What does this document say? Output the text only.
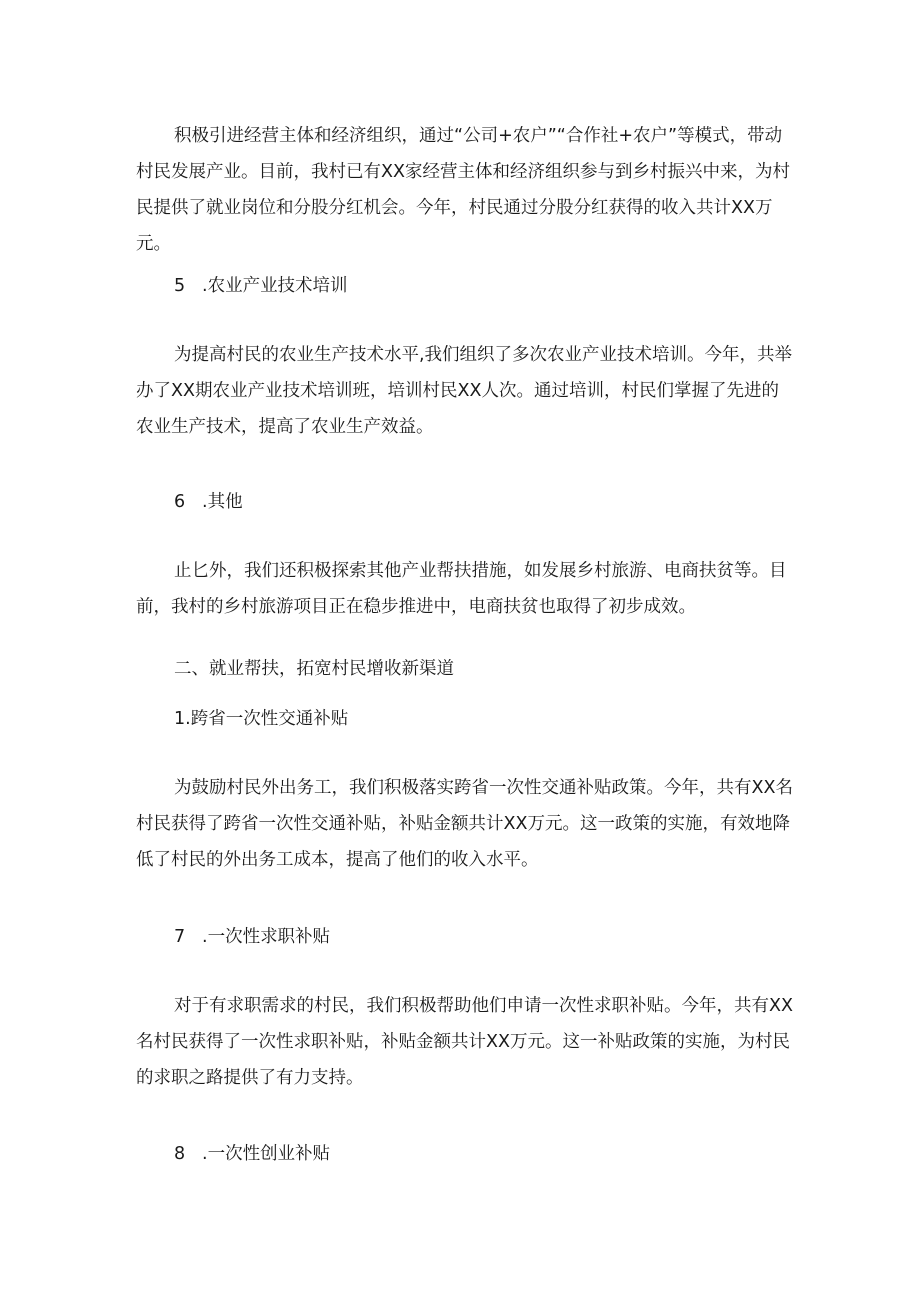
积极引进经营主体和经济组织，通过“公司+农户”“合作社+农户”等模式，带动村民发展产业。目前，我村已有XX家经营主体和经济组织参与到乡村振兴中来，为村民提供了就业岗位和分股分红机会。今年，村民通过分股分红获得的收入共计XX万元。

5 .农业产业技术培训

为提高村民的农业生产技术水平,我们组织了多次农业产业技术培训。今年，共举办了XX期农业产业技术培训班，培训村民XX人次。通过培训，村民们掌握了先进的农业生产技术，提高了农业生产效益。

6 .其他

止匕外，我们还积极探索其他产业帮扶措施，如发展乡村旅游、电商扶贫等。目前，我村的乡村旅游项目正在稳步推进中，电商扶贫也取得了初步成效。

二、就业帮扶，拓宽村民增收新渠道

1.跨省一次性交通补贴

为鼓励村民外出务工，我们积极落实跨省一次性交通补贴政策。今年，共有XX名村民获得了跨省一次性交通补贴，补贴金额共计XX万元。这一政策的实施，有效地降低了村民的外出务工成本，提高了他们的收入水平。

7 .一次性求职补贴

对于有求职需求的村民，我们积极帮助他们申请一次性求职补贴。今年，共有XX名村民获得了一次性求职补贴，补贴金额共计XX万元。这一补贴政策的实施，为村民的求职之路提供了有力支持。

8 .一次性创业补贴
